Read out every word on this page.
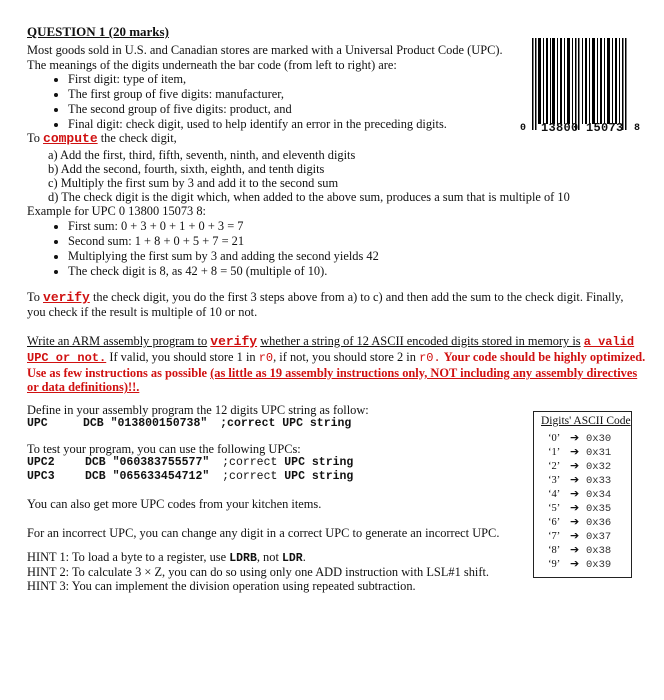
QUESTION 1 (20 marks)
Most goods sold in U.S. and Canadian stores are marked with a Universal Product Code (UPC).
The meanings of the digits underneath the bar code (from left to right) are:
First digit: type of item,
The first group of five digits: manufacturer,
The second group of five digits: product, and
Final digit: check digit, used to help identify an error in the preceding digits.
To compute the check digit,
a) Add the first, third, fifth, seventh, ninth, and eleventh digits
b) Add the second, fourth, sixth, eighth, and tenth digits
c) Multiply the first sum by 3 and add it to the second sum
d) The check digit is the digit which, when added to the above sum, produces a sum that is multiple of 10
Example for UPC 0 13800 15073 8:
First sum: 0 + 3 + 0 + 1 + 0 + 3 = 7
Second sum: 1 + 8 + 0 + 5 + 7 = 21
Multiplying the first sum by 3 and adding the second yields 42
The check digit is 8, as 42 + 8 = 50 (multiple of 10).
To verify the check digit, you do the first 3 steps above from a) to c) and then add the sum to the check digit. Finally,
you check if the result is multiple of 10 or not.
Write an ARM assembly program to verify whether a string of 12 ASCII encoded digits stored in memory is a valid
UPC or not. If valid, you should store 1 in r0, if not, you should store 2 in r0. Your code should be highly optimized.
Use as few instructions as possible (as little as 19 assembly instructions only, NOT including any assembly directives
or data definitions)!!.
Define in your assembly program the 12 digits UPC string as follow:
UPC	DCB "013800150738" ;correct UPC string
To test your program, you can use the following UPCs:
UPC2	DCB "060383755577" ;correct UPC string
UPC3	DCB "065633454712" ;correct UPC string
You can also get more UPC codes from your kitchen items.
For an incorrect UPC, you can change any digit in a correct UPC to generate an incorrect UPC.
HINT 1: To load a byte to a register, use LDRB, not LDR.
HINT 2: To calculate 3 × Z, you can do so using only one ADD instruction with LSL#1 shift.
HINT 3: You can implement the division operation using repeated subtraction.
0 13800 15073 8
Digits' ASCII Code
‘0’ ➔ 0x30
‘1’ ➔ 0x31
‘2’ ➔ 0x32
‘3’ ➔ 0x33
‘4’ ➔ 0x34
‘5’ ➔ 0x35
‘6’ ➔ 0x36
‘7’ ➔ 0x37
‘8’ ➔ 0x38
‘9’ ➔ 0x39
